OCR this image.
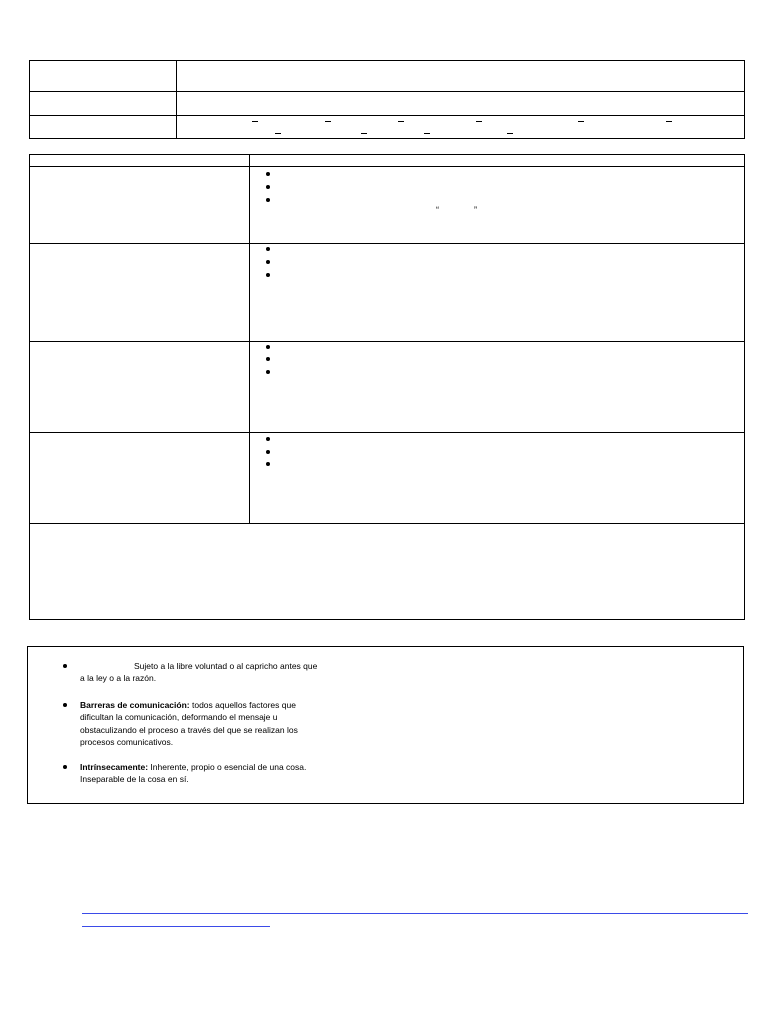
“	”
Sujeto a la libre voluntad o al capricho antes que a la ley o a la razón.
Barreras de comunicación: todos aquellos factores que dificultan la comunicación, deformando el mensaje u obstaculizando el proceso a través del que se realizan los procesos comunicativos.
Intrínsecamente: Inherente, propio o esencial de una cosa. Inseparable de la cosa en sí.
